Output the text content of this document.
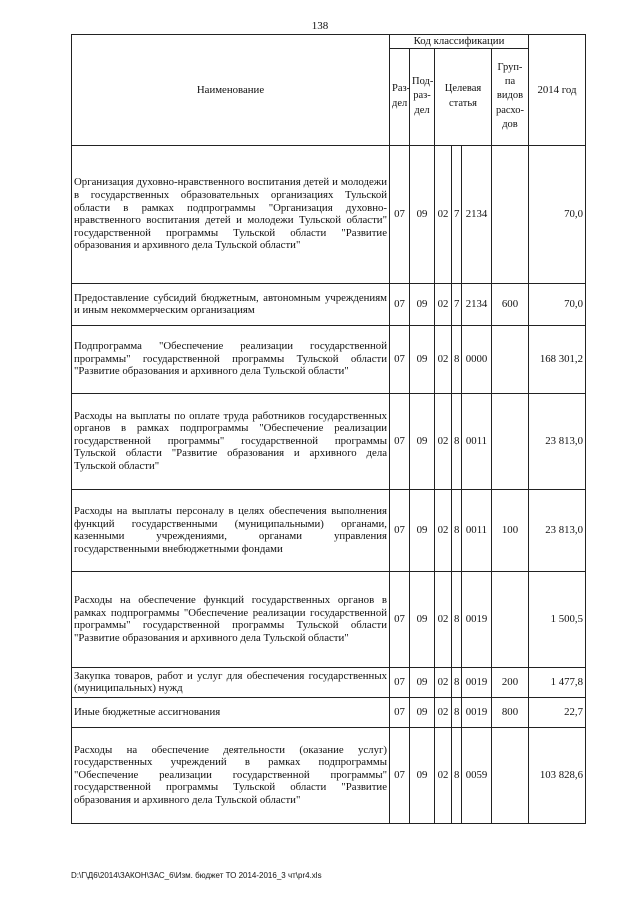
138
Наименование	Код классификации						2014 год
	Раз-дел	Под-раз-дел	Целевая статья			Груп-па видов расхо-дов	
Организация духовно-нравственного воспитания детей и молодежи в государственных образовательных организациях Тульской области в рамках подпрограммы "Организация духовно-нравственного воспитания детей и молодежи Тульской области" государственной программы Тульской области "Развитие образования и архивного дела Тульской области"	07	09	02	7	2134		70,0
Предоставление субсидий бюджетным, автономным учреждениям и иным некоммерческим организациям	07	09	02	7	2134	600	70,0
Подпрограмма "Обеспечение реализации государственной программы" государственной программы Тульской области "Развитие образования и архивного дела Тульской области"	07	09	02	8	0000		168 301,2
Расходы на выплаты по оплате труда работников государственных органов в рамках подпрограммы "Обеспечение реализации государственной программы" государственной программы Тульской области "Развитие образования и архивного дела Тульской области"	07	09	02	8	0011		23 813,0
Расходы на выплаты персоналу в целях обеспечения выполнения функций государственными (муниципальными) органами, казенными учреждениями, органами управления государственными внебюджетными фондами	07	09	02	8	0011	100	23 813,0
Расходы на обеспечение функций государственных органов в рамках подпрограммы "Обеспечение реализации государственной программы" государственной программы Тульской области "Развитие образования и архивного дела Тульской области"	07	09	02	8	0019		1 500,5
Закупка товаров, работ и услуг для обеспечения государственных (муниципальных) нужд	07	09	02	8	0019	200	1 477,8
Иные бюджетные ассигнования	07	09	02	8	0019	800	22,7
Расходы на обеспечение деятельности (оказание услуг) государственных учреждений в рамках подпрограммы "Обеспечение реализации государственной программы" государственной программы Тульской области "Развитие образования и архивного дела Тульской области"	07	09	02	8	0059		103 828,6
D:\Г\Д6\2014\ЗАКОН\ЗАС_6\Изм. бюджет ТО 2014-2016_3 чт\pr4.xls
